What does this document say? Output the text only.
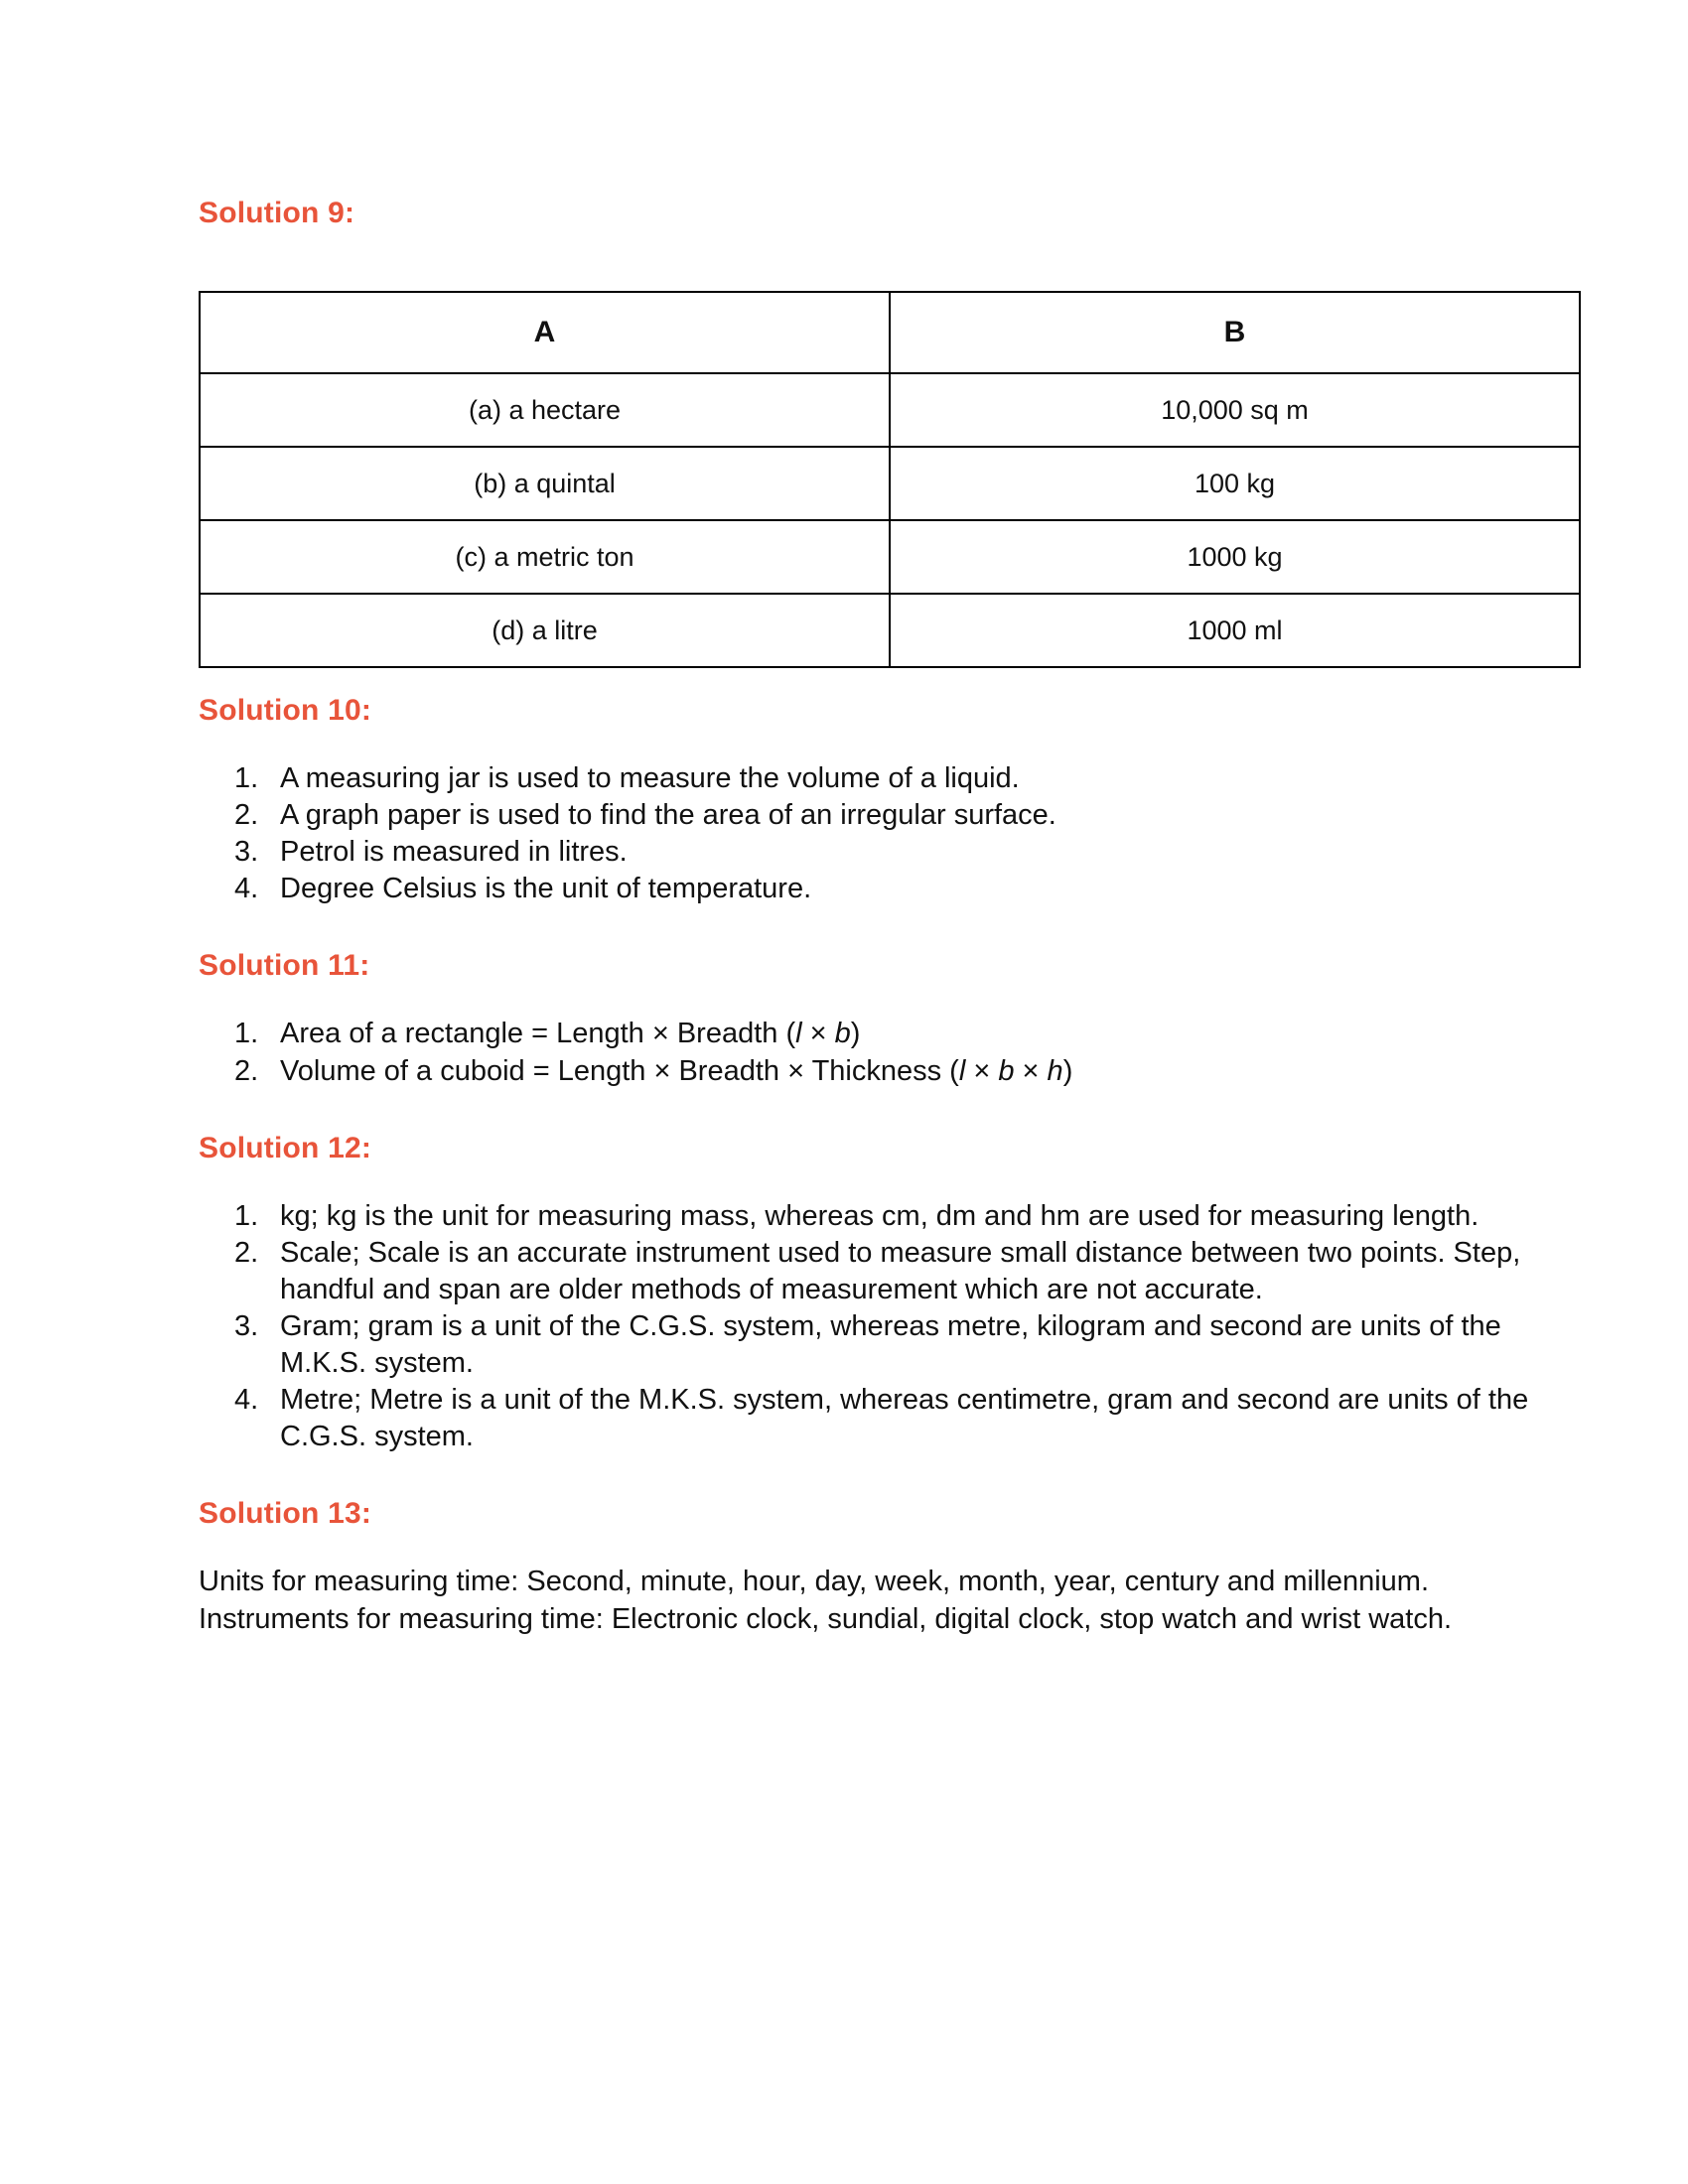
Solution 9:
A	B
(a) a hectare	10,000 sq m
(b) a quintal	100 kg
(c) a metric ton	1000 kg
(d) a litre	1000 ml
Solution 10:
A measuring jar is used to measure the volume of a liquid.
A graph paper is used to find the area of an irregular surface.
Petrol is measured in litres.
Degree Celsius is the unit of temperature.
Solution 11:
Area of a rectangle = Length × Breadth (l × b)
Volume of a cuboid = Length × Breadth × Thickness (l × b × h)
Solution 12:
kg; kg is the unit for measuring mass, whereas cm, dm and hm are used for measuring length.
Scale; Scale is an accurate instrument used to measure small distance between two points. Step, handful and span are older methods of measurement which are not accurate.
Gram; gram is a unit of the C.G.S. system, whereas metre, kilogram and second are units of the M.K.S. system.
Metre; Metre is a unit of the M.K.S. system, whereas centimetre, gram and second are units of the C.G.S. system.
Solution 13:

Units for measuring time: Second, minute, hour, day, week, month, year, century and millennium.

Instruments for measuring time: Electronic clock, sundial, digital clock, stop watch and wrist watch.
